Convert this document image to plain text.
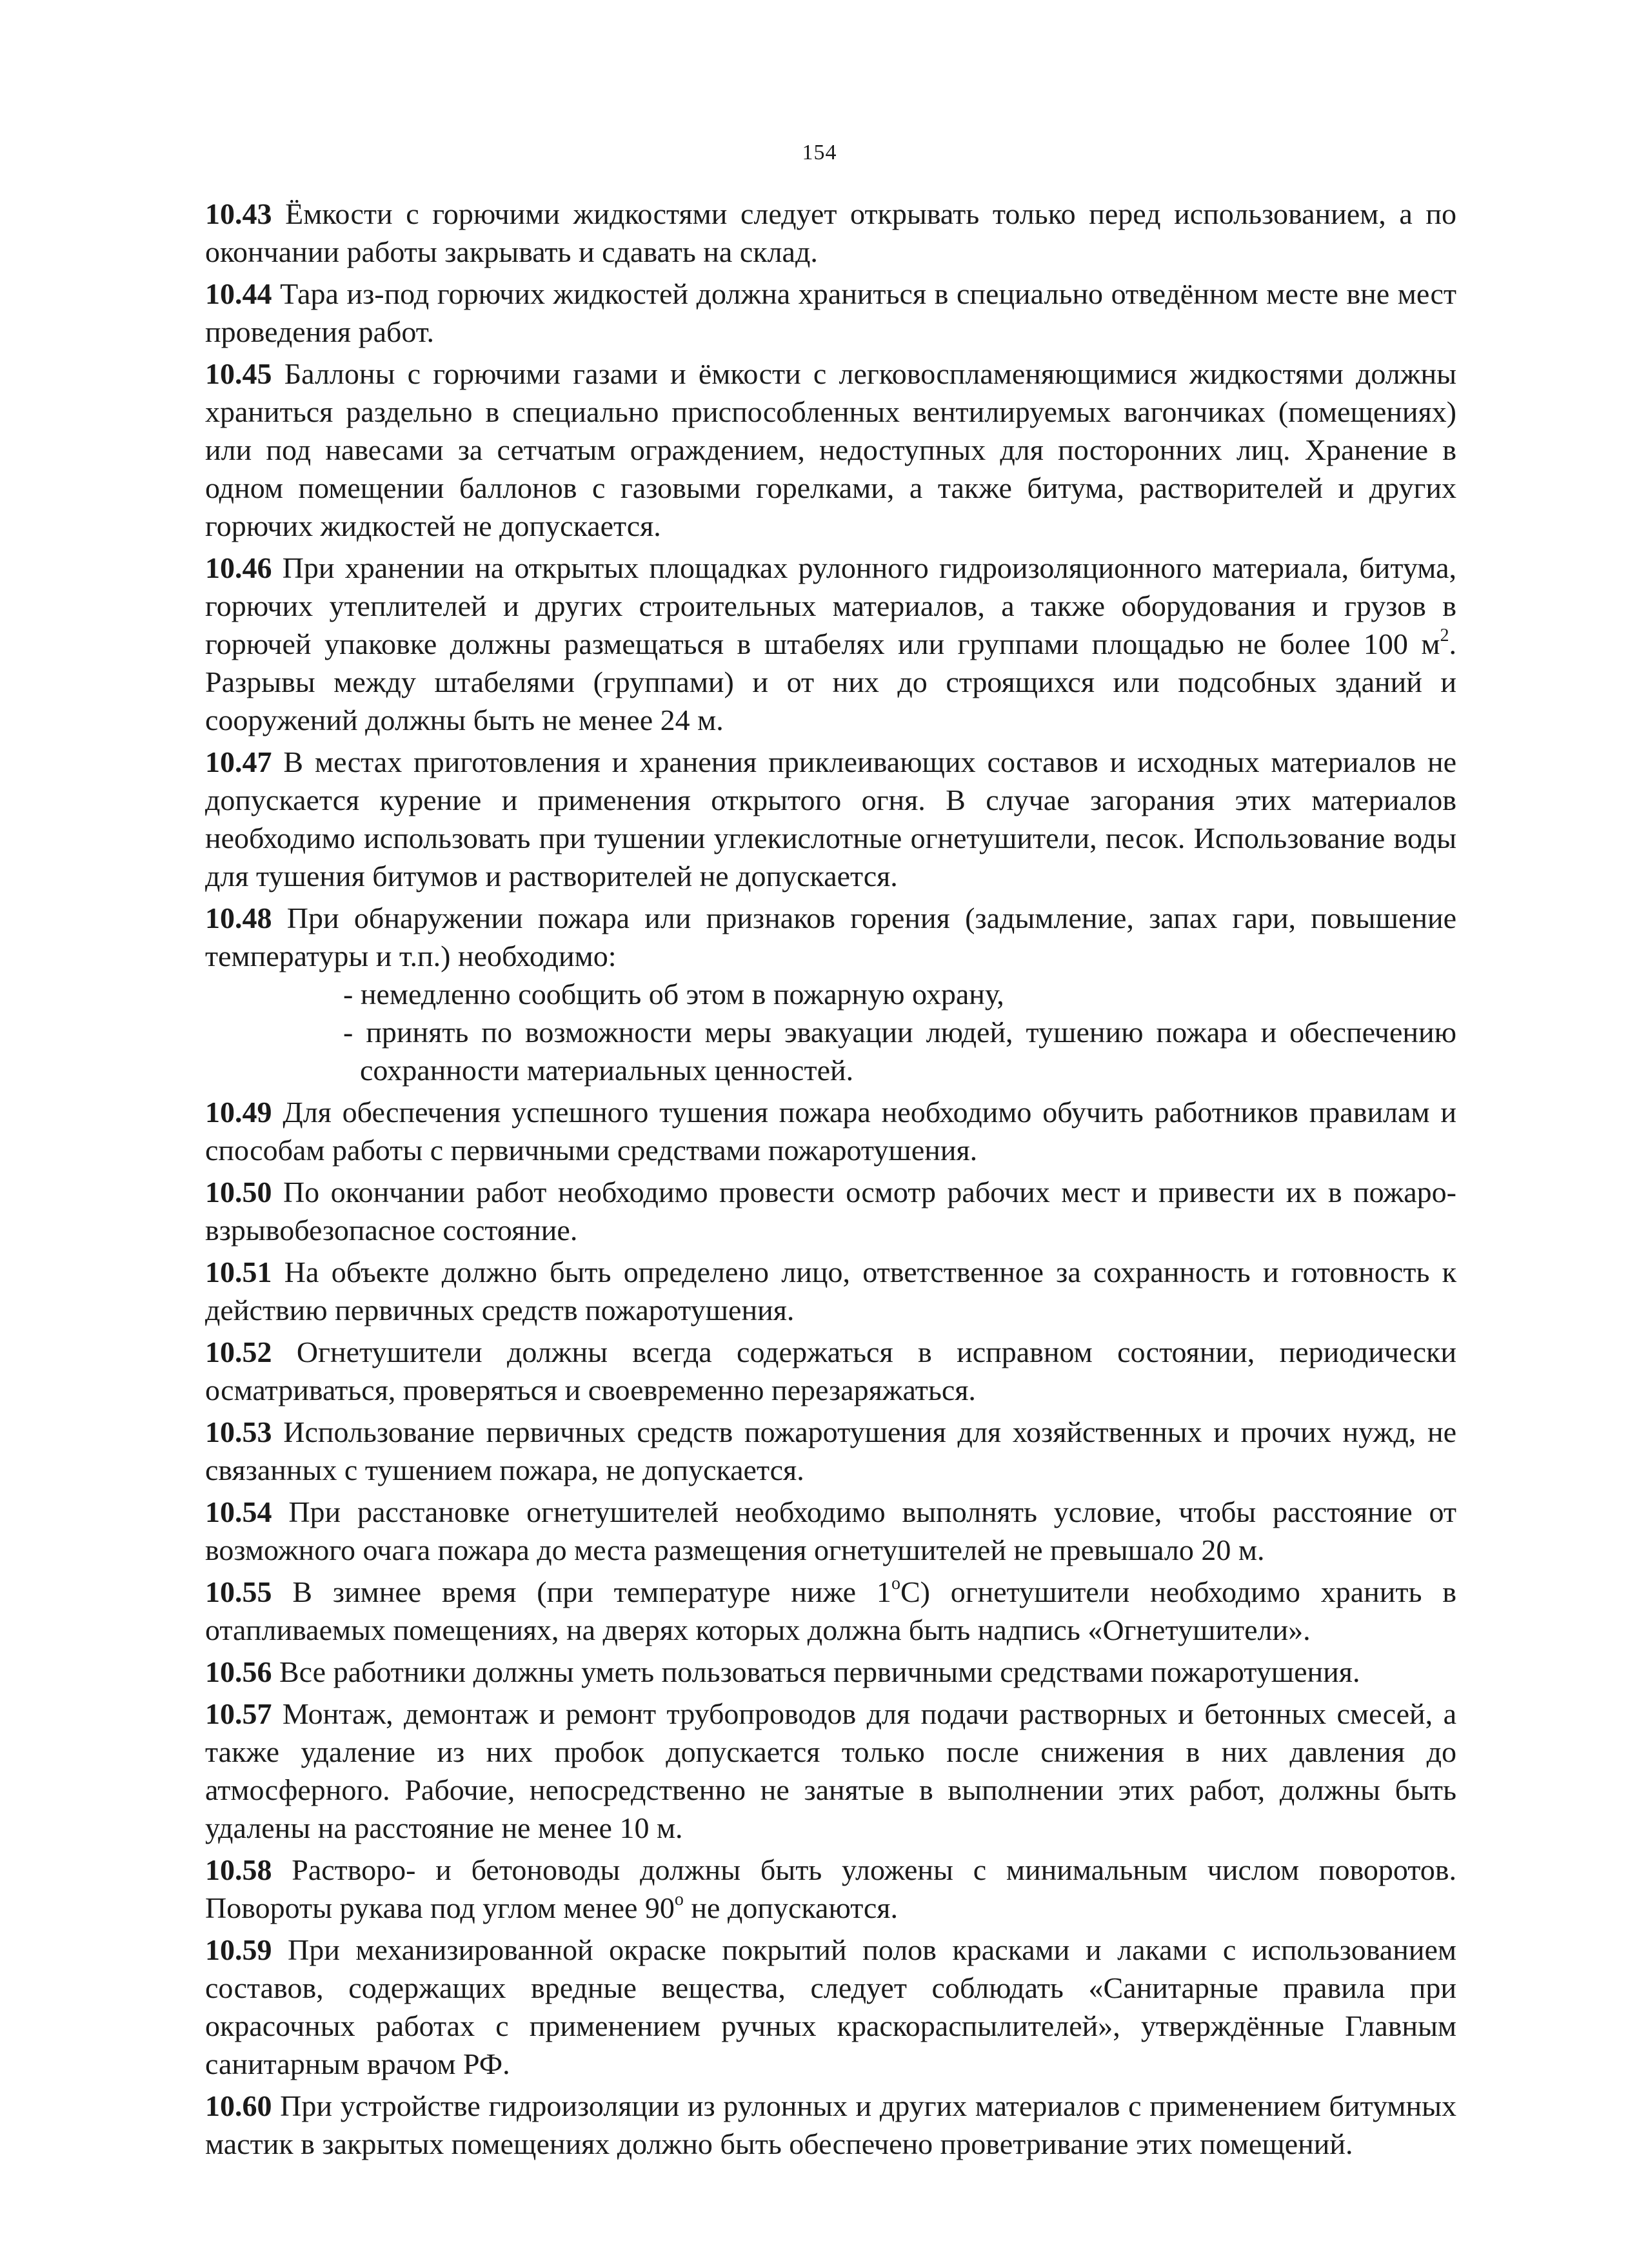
154

10.43 Ёмкости с горючими жидкостями следует открывать только перед использованием, а по окончании работы закрывать и сдавать на склад.

10.44 Тара из-под горючих жидкостей должна храниться в специально отведённом месте вне мест проведения работ.

10.45 Баллоны с горючими газами и ёмкости с легковоспламеняющимися жидкостями должны храниться раздельно в специально приспособленных вентилируемых вагончиках (помещениях) или под навесами за сетчатым ограждением, недоступных для посторонних лиц. Хранение в одном помещении баллонов с газовыми горелками, а также битума, растворителей и других горючих жидкостей не допускается.

10.46 При хранении на открытых площадках рулонного гидроизоляционного материала, битума, горючих утеплителей и других строительных материалов, а также оборудования и грузов в горючей упаковке должны размещаться в штабелях или группами площадью не более 100 $м^2$. Разрывы между штабелями (группами) и от них до строящихся или подсобных зданий и сооружений должны быть не менее 24 м.

10.47 В местах приготовления и хранения приклеивающих составов и исходных материалов не допускается курение и применения открытого огня. В случае загорания этих материалов необходимо использовать при тушении углекислотные огнетушители, песок. Использование воды для тушения битумов и растворителей не допускается.

10.48 При обнаружении пожара или признаков горения (задымление, запах гари, повышение температуры и т.п.) необходимо:

- немедленно сообщить об этом в пожарную охрану,
- принять по возможности меры эвакуации людей, тушению пожара и обеспечению сохранности материальных ценностей.

10.49 Для обеспечения успешного тушения пожара необходимо обучить работников правилам и способам работы с первичными средствами пожаротушения.

10.50 По окончании работ необходимо провести осмотр рабочих мест и привести их в пожаро-взрывобезопасное состояние.

10.51 На объекте должно быть определено лицо, ответственное за сохранность и готовность к действию первичных средств пожаротушения.

10.52 Огнетушители должны всегда содержаться в исправном состоянии, периодически осматриваться, проверяться и своевременно перезаряжаться.

10.53 Использование первичных средств пожаротушения для хозяйственных и прочих нужд, не связанных с тушением пожара, не допускается.

10.54 При расстановке огнетушителей необходимо выполнять условие, чтобы расстояние от возможного очага пожара до места размещения огнетушителей не превышало 20 м.

10.55 В зимнее время (при температуре ниже $1^оС$) огнетушители необходимо хранить в отапливаемых помещениях, на дверях которых должна быть надпись «Огнетушители».

10.56 Все работники должны уметь пользоваться первичными средствами пожаротушения.

10.57 Монтаж, демонтаж и ремонт трубопроводов для подачи растворных и бетонных смесей, а также удаление из них пробок допускается только после снижения в них давления до атмосферного. Рабочие, непосредственно не занятые в выполнении этих работ, должны быть удалены на расстояние не менее 10 м.

10.58 Растворо- и бетоноводы должны быть уложены с минимальным числом поворотов. Повороты рукава под углом менее $90^о$ не допускаются.

10.59 При механизированной окраске покрытий полов красками и лаками с использованием составов, содержащих вредные вещества, следует соблюдать «Санитарные правила при окрасочных работах с применением ручных краскораспылителей», утверждённые Главным санитарным врачом РФ.

10.60 При устройстве гидроизоляции из рулонных и других материалов с применением битумных мастик в закрытых помещениях должно быть обеспечено проветривание этих помещений.
